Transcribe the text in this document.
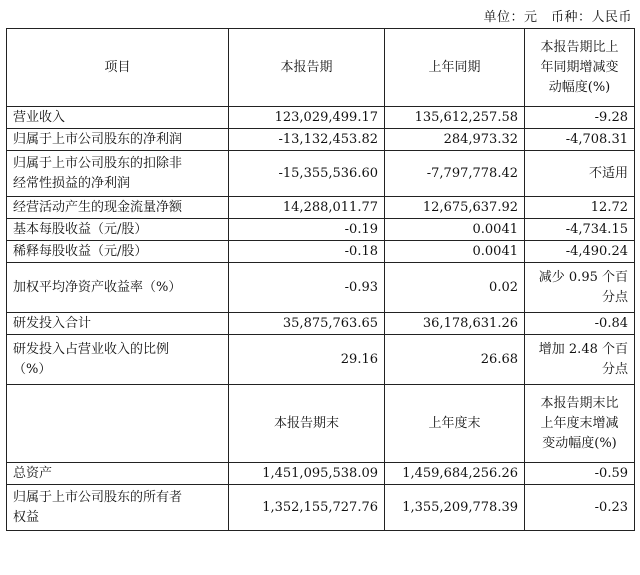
单位：元　币种：人民币
项目	本报告期	上年同期	本报告期比上
年同期增减变
动幅度(%)

营业收入	123,029,499.17	135,612,257.58	-9.28

归属于上市公司股东的净利润	-13,132,453.82	284,973.32	-4,708.31

归属于上市公司股东的扣除非
经常性损益的净利润	-15,355,536.60	-7,797,778.42	不适用

经营活动产生的现金流量净额	14,288,011.77	12,675,637.92	12.72

基本每股收益（元/股）	-0.19	0.0041	-4,734.15

稀释每股收益（元/股）	-0.18	0.0041	-4,490.24

加权平均净资产收益率（%）	-0.93	0.02	减少 0.95 个百
分点

研发投入合计	35,875,763.65	36,178,631.26	-0.84

研发投入占营业收入的比例
（%）	29.16	26.68	增加 2.48 个百
分点

	本报告期末	上年度末	本报告期末比
上年度末增减
变动幅度(%)

总资产	1,451,095,538.09	1,459,684,256.26	-0.59

归属于上市公司股东的所有者
权益	1,352,155,727.76	1,355,209,778.39	-0.23
